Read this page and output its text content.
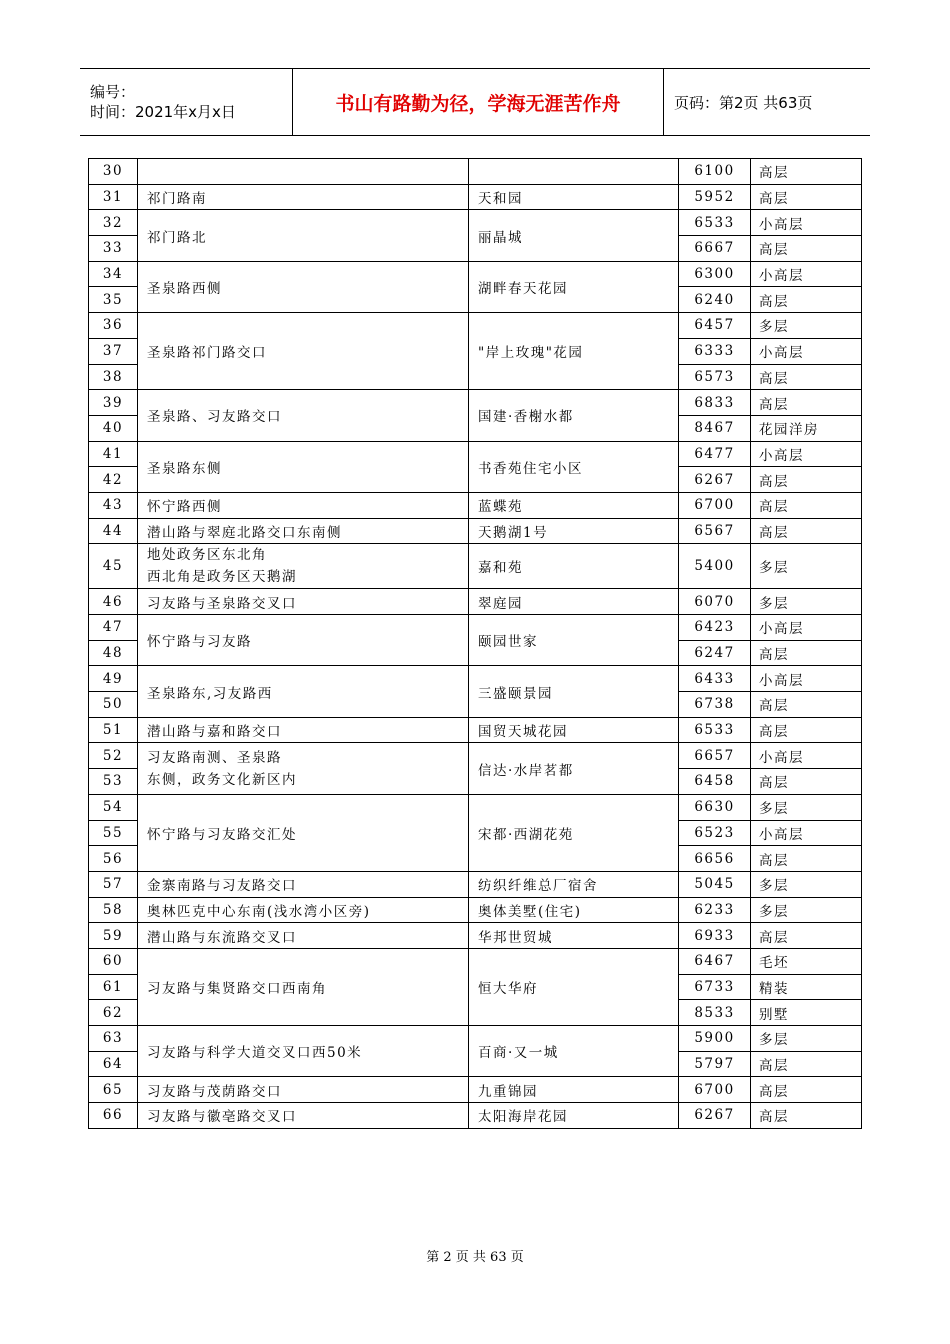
编号：
时间：2021年x月x日	书山有路勤为径，学海无涯苦作舟	页码：第2页 共63页
30			6100	高层
31	祁门路南	天和园	5952	高层
32	祁门路北	丽晶城	6533	小高层
33			6667	高层
34	圣泉路西侧	湖畔春天花园	6300	小高层
35			6240	高层
36	圣泉路祁门路交口	"岸上玫瑰"花园	6457	多层
37			6333	小高层
38			6573	高层
39	圣泉路、习友路交口	国建·香榭水都	6833	高层
40			8467	花园洋房
41	圣泉路东侧	书香苑住宅小区	6477	小高层
42			6267	高层
43	怀宁路西侧	蓝蝶苑	6700	高层
44	潜山路与翠庭北路交口东南侧	天鹅湖1号	6567	高层
45	地处政务区东北角
西北角是政务区天鹅湖	嘉和苑	5400	多层
46	习友路与圣泉路交叉口	翠庭园	6070	多层
47	怀宁路与习友路	颐园世家	6423	小高层
48			6247	高层
49	圣泉路东,习友路西	三盛颐景园	6433	小高层
50			6738	高层
51	潜山路与嘉和路交口	国贸天城花园	6533	高层
52	习友路南测、圣泉路
东侧，政务文化新区内	信达·水岸茗都	6657	小高层
53			6458	高层
54	怀宁路与习友路交汇处	宋都·西湖花苑	6630	多层
55			6523	小高层
56			6656	高层
57	金寨南路与习友路交口	纺织纤维总厂宿舍	5045	多层
58	奥林匹克中心东南(浅水湾小区旁)	奥体美墅(住宅)	6233	多层
59	潜山路与东流路交叉口	华邦世贸城	6933	高层
60	习友路与集贤路交口西南角	恒大华府	6467	毛坯
61			6733	精装
62			8533	别墅
63	习友路与科学大道交叉口西50米	百商·又一城	5900	多层
64			5797	高层
65	习友路与茂荫路交口	九重锦园	6700	高层
66	习友路与徽亳路交叉口	太阳海岸花园	6267	高层
第 2 页 共 63 页
